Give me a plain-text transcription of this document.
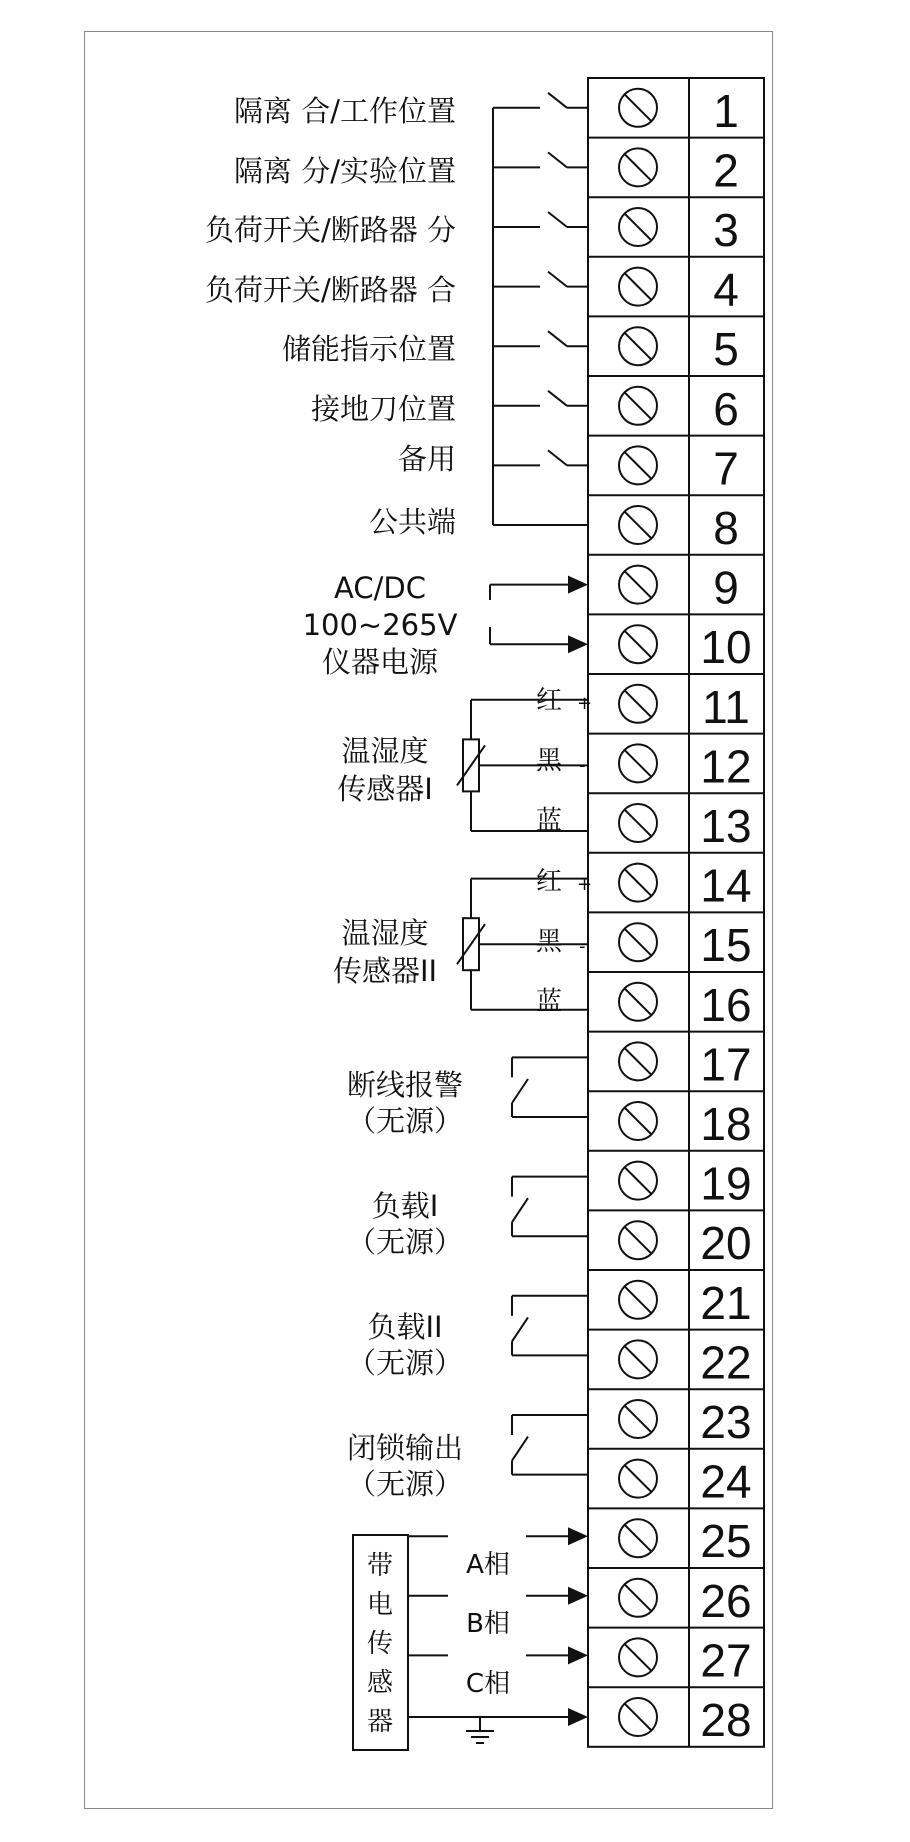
1
2
3
4
5
6
7
8
9
10
11
12
13
14
15
16
17
18
19
20
21
22
23
24
25
26
27
28
隔离 合/工作位置
隔离 分/实验位置
负荷开关/断路器 分
负荷开关/断路器 合
储能指示位置
接地刀位置
备用
公共端
AC/DC
100~265V
仪器电源
温湿度
传感器I
红 +
黑 -
蓝
温湿度
传感器II
红 +
黑 -
蓝
断线报警
（无源）
负载I
（无源）
负载II
（无源）
闭锁输出
（无源）
带
电
传
感
器
A相
B相
C相
